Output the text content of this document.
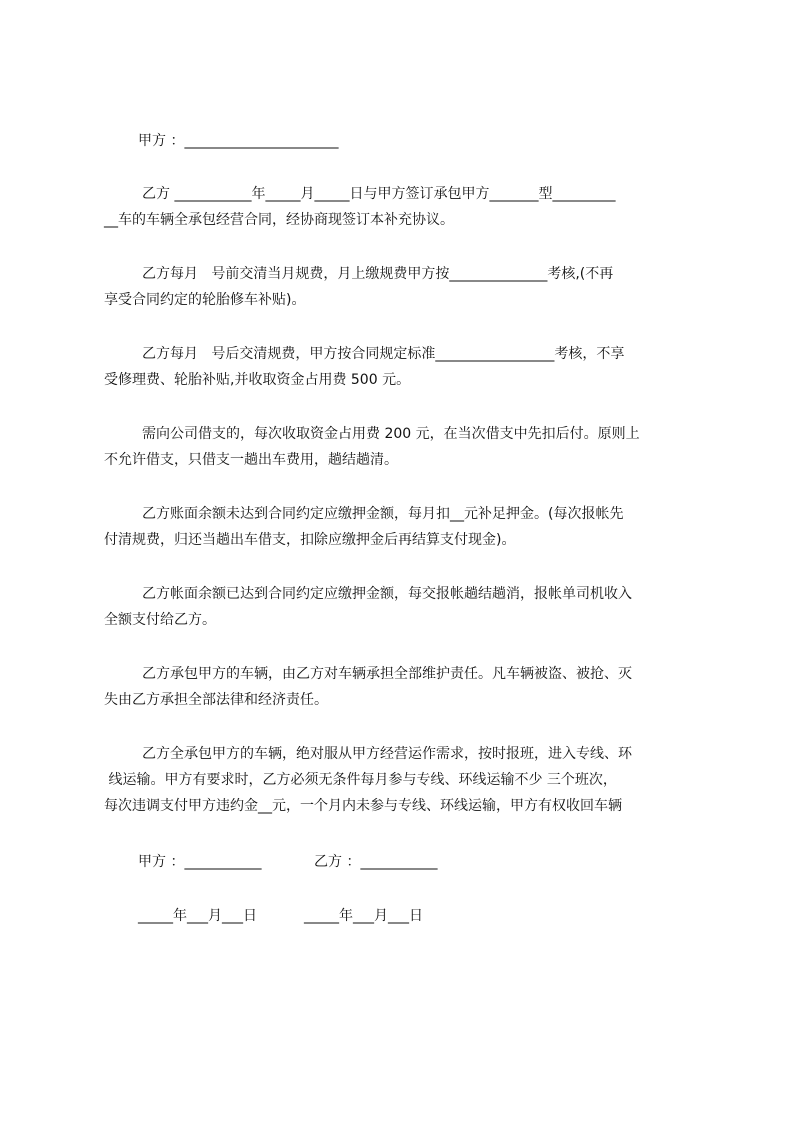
甲方 ：______________________
乙方 ___________年_____月_____日与甲方签订承包甲方_______型_________
__车的车辆全承包经营合同，经协商现签订本补充协议。
乙方每月   号前交清当月规费，月上缴规费甲方按______________考核,(不再
享受合同约定的轮胎修车补贴)。
乙方每月   号后交清规费，甲方按合同规定标准_________________考核，不享
受修理费、轮胎补贴,并收取资金占用费 500 元。
需向公司借支的，每次收取资金占用费 200 元，在当次借支中先扣后付。原则上
不允许借支，只借支一趟出车费用，趟结趟清。
乙方账面余额未达到合同约定应缴押金额，每月扣__元补足押金。(每次报帐先
付清规费，归还当趟出车借支，扣除应缴押金后再结算支付现金)。
乙方帐面余额已达到合同约定应缴押金额，每交报帐趟结趟消，报帐单司机收入
全额支付给乙方。
乙方承包甲方的车辆，由乙方对车辆承担全部维护责任。凡车辆被盗、被抢、灭
失由乙方承担全部法律和经济责任。
乙方全承包甲方的车辆，绝对服从甲方经营运作需求，按时报班，进入专线、环
线运输。甲方有要求时，乙方必须无条件每月参与专线、环线运输不少 三个班次，
每次违调支付甲方违约金__元，一个月内未参与专线、环线运输，甲方有权收回车辆
甲方 ：___________	乙方 ：___________
_____年___月___日	_____年___月___日
